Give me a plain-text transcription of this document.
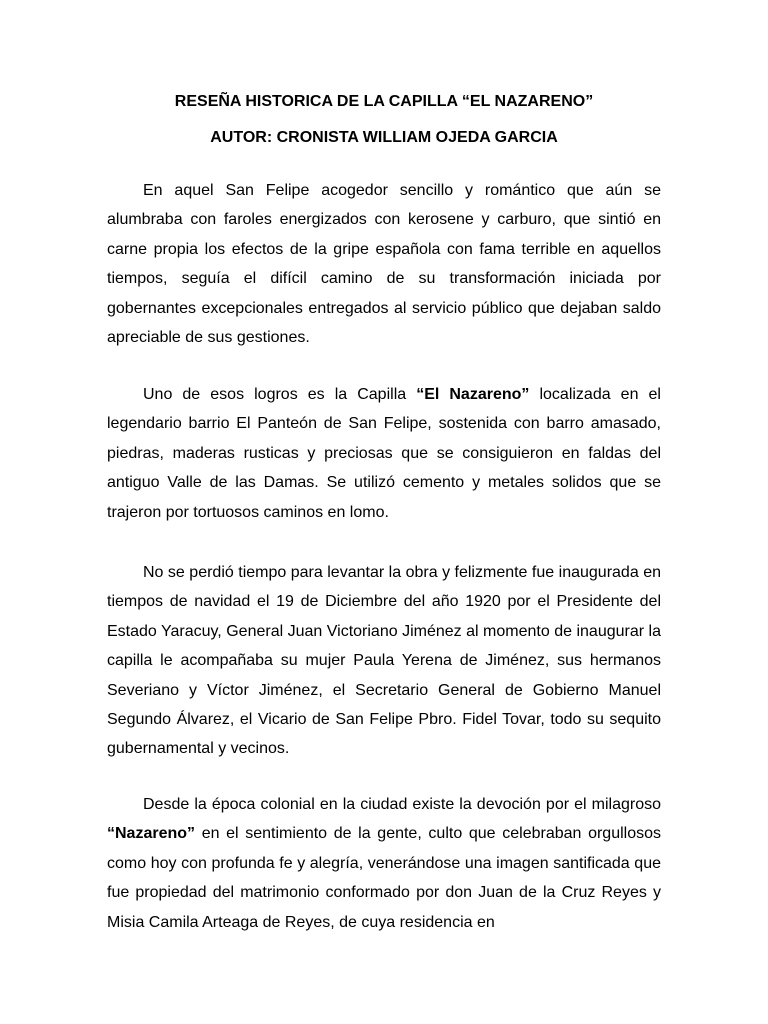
RESEÑA HISTORICA DE LA CAPILLA “EL NAZARENO”
AUTOR: CRONISTA WILLIAM OJEDA GARCIA

En aquel San Felipe acogedor sencillo y romántico que aún se alumbraba con faroles energizados con kerosene y carburo, que sintió en carne propia los efectos de la gripe española con fama terrible en aquellos tiempos, seguía el difícil camino de su transformación iniciada por gobernantes excepcionales entregados al servicio público que dejaban saldo apreciable de sus gestiones.

Uno de esos logros es la Capilla “El Nazareno” localizada en el legendario barrio El Panteón de San Felipe, sostenida con barro amasado, piedras, maderas rusticas y preciosas que se consiguieron en faldas del antiguo Valle de las Damas. Se utilizó cemento y metales solidos que se trajeron por tortuosos caminos en lomo.

No se perdió tiempo para levantar la obra y felizmente fue inaugurada en tiempos de navidad el 19 de Diciembre del año 1920 por el Presidente del Estado Yaracuy, General Juan Victoriano Jiménez al momento de inaugurar la capilla le acompañaba su mujer Paula Yerena de Jiménez, sus hermanos Severiano y Víctor Jiménez, el Secretario General de Gobierno Manuel Segundo Álvarez, el Vicario de San Felipe Pbro. Fidel Tovar, todo su sequito gubernamental y vecinos.

Desde la época colonial en la ciudad existe la devoción por el milagroso “Nazareno” en el sentimiento de la gente, culto que celebraban orgullosos como hoy con profunda fe y alegría, venerándose una imagen santificada que fue propiedad del matrimonio conformado por don Juan de la Cruz Reyes y Misia Camila Arteaga de Reyes, de cuya residencia en
